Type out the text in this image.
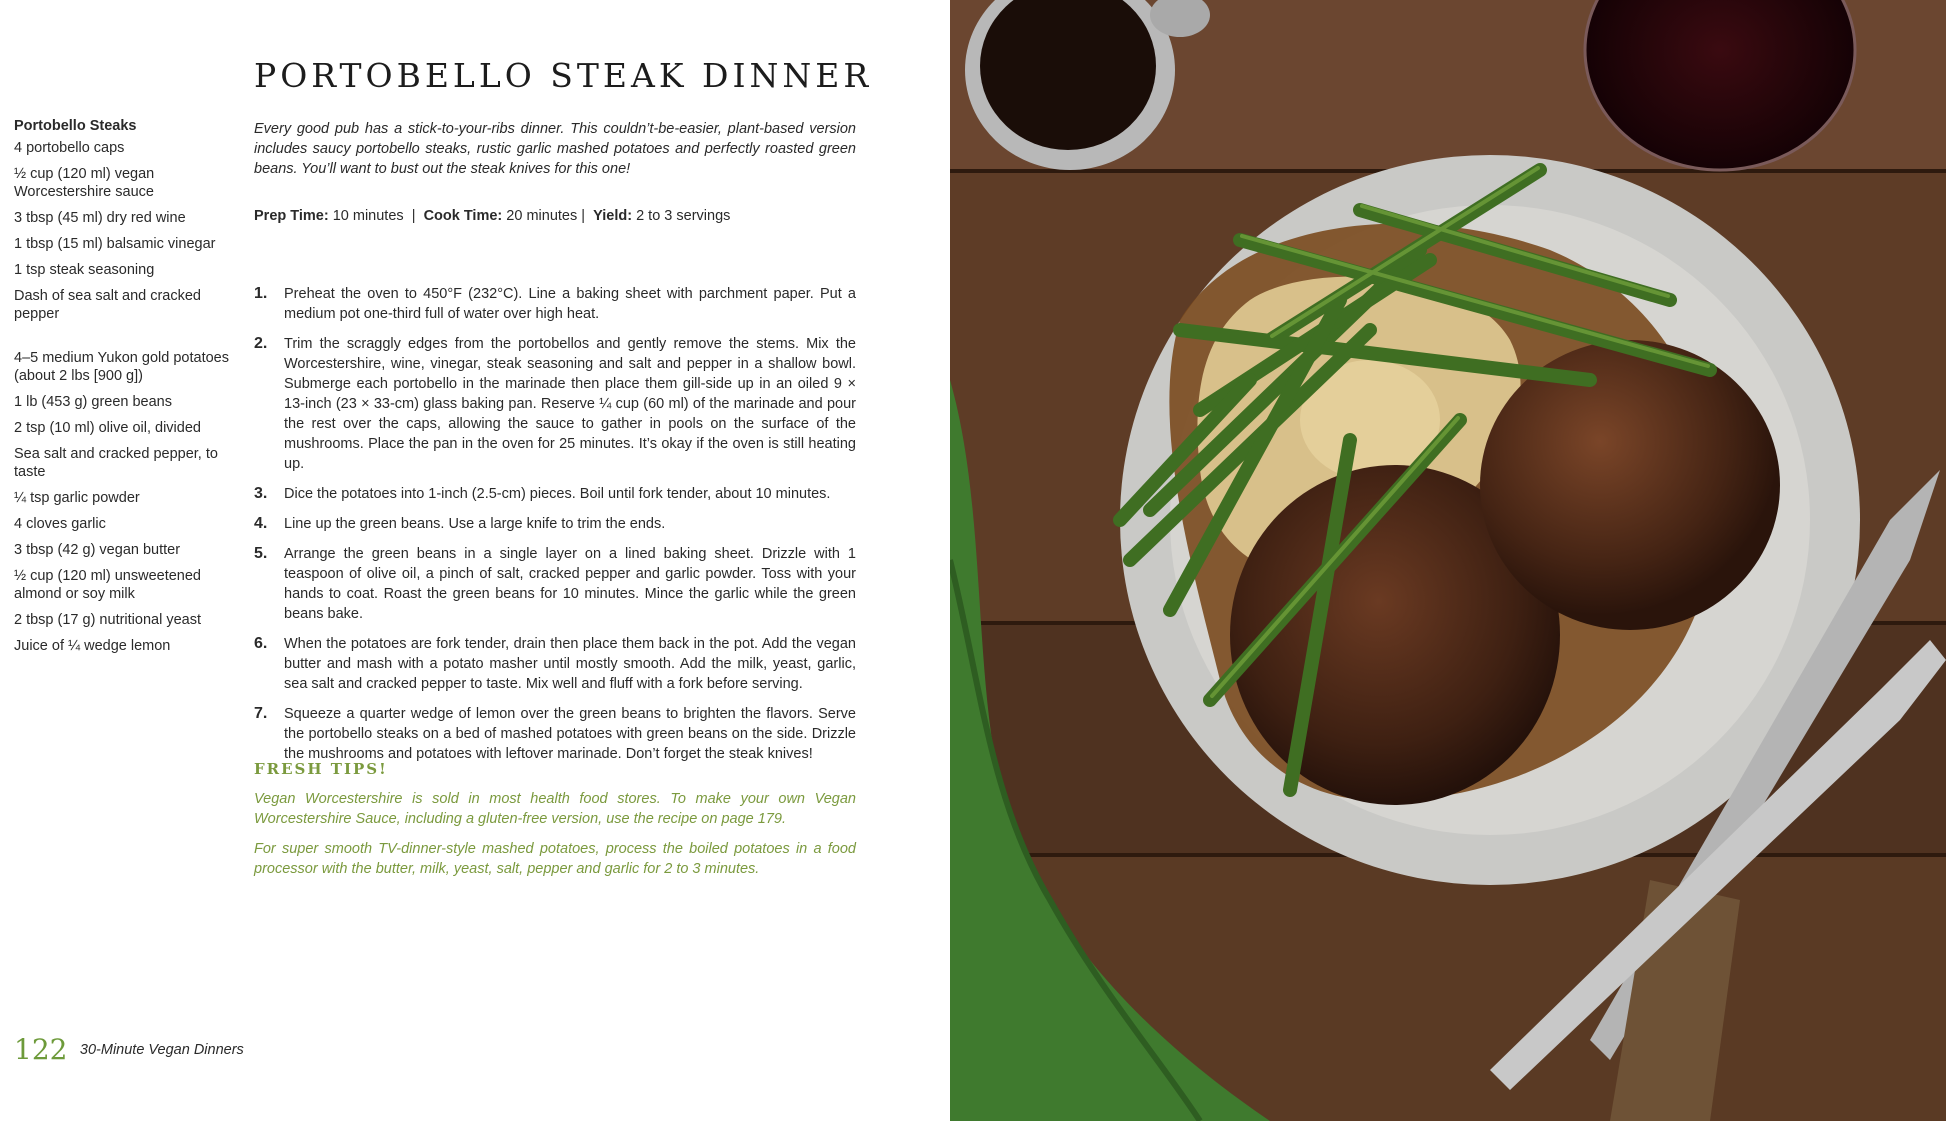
PORTOBELLO STEAK DINNER
Portobello Steaks
4 portobello caps
½ cup (120 ml) vegan Worcestershire sauce
3 tbsp (45 ml) dry red wine
1 tbsp (15 ml) balsamic vinegar
1 tsp steak seasoning
Dash of sea salt and cracked pepper
4–5 medium Yukon gold potatoes (about 2 lbs [900 g])
1 lb (453 g) green beans
2 tsp (10 ml) olive oil, divided
Sea salt and cracked pepper, to taste
¼ tsp garlic powder
4 cloves garlic
3 tbsp (42 g) vegan butter
½ cup (120 ml) unsweetened almond or soy milk
2 tbsp (17 g) nutritional yeast
Juice of ¼ wedge lemon

Every good pub has a stick-to-your-ribs dinner. This couldn’t-be-easier, plant-based version includes saucy portobello steaks, rustic garlic mashed potatoes and perfectly roasted green beans. You’ll want to bust out the steak knives for this one!

Prep Time: 10 minutes | Cook Time: 20 minutes | Yield: 2 to 3 servings
1. Preheat the oven to 450°F (232°C). Line a baking sheet with parchment paper. Put a medium pot one-third full of water over high heat.
2. Trim the scraggly edges from the portobellos and gently remove the stems. Mix the Worcestershire, wine, vinegar, steak seasoning and salt and pepper in a shallow bowl. Submerge each portobello in the marinade then place them gill-side up in an oiled 9 × 13-inch (23 × 33-cm) glass baking pan. Reserve ¼ cup (60 ml) of the marinade and pour the rest over the caps, allowing the sauce to gather in pools on the surface of the mushrooms. Place the pan in the oven for 25 minutes. It’s okay if the oven is still heating up.
3. Dice the potatoes into 1-inch (2.5-cm) pieces. Boil until fork tender, about 10 minutes.
4. Line up the green beans. Use a large knife to trim the ends.
5. Arrange the green beans in a single layer on a lined baking sheet. Drizzle with 1 teaspoon of olive oil, a pinch of salt, cracked pepper and garlic powder. Toss with your hands to coat. Roast the green beans for 10 minutes. Mince the garlic while the green beans bake.
6. When the potatoes are fork tender, drain then place them back in the pot. Add the vegan butter and mash with a potato masher until mostly smooth. Add the milk, yeast, garlic, sea salt and cracked pepper to taste. Mix well and fluff with a fork before serving.
7. Squeeze a quarter wedge of lemon over the green beans to brighten the flavors. Serve the portobello steaks on a bed of mashed potatoes with green beans on the side. Drizzle the mushrooms and potatoes with leftover marinade. Don’t forget the steak knives!
FRESH TIPS!

Vegan Worcestershire is sold in most health food stores. To make your own Vegan Worcestershire Sauce, including a gluten-free version, use the recipe on page 179.

For super smooth TV-dinner-style mashed potatoes, process the boiled potatoes in a food processor with the butter, milk, yeast, salt, pepper and garlic for 2 to 3 minutes.

122 30-Minute Vegan Dinners
